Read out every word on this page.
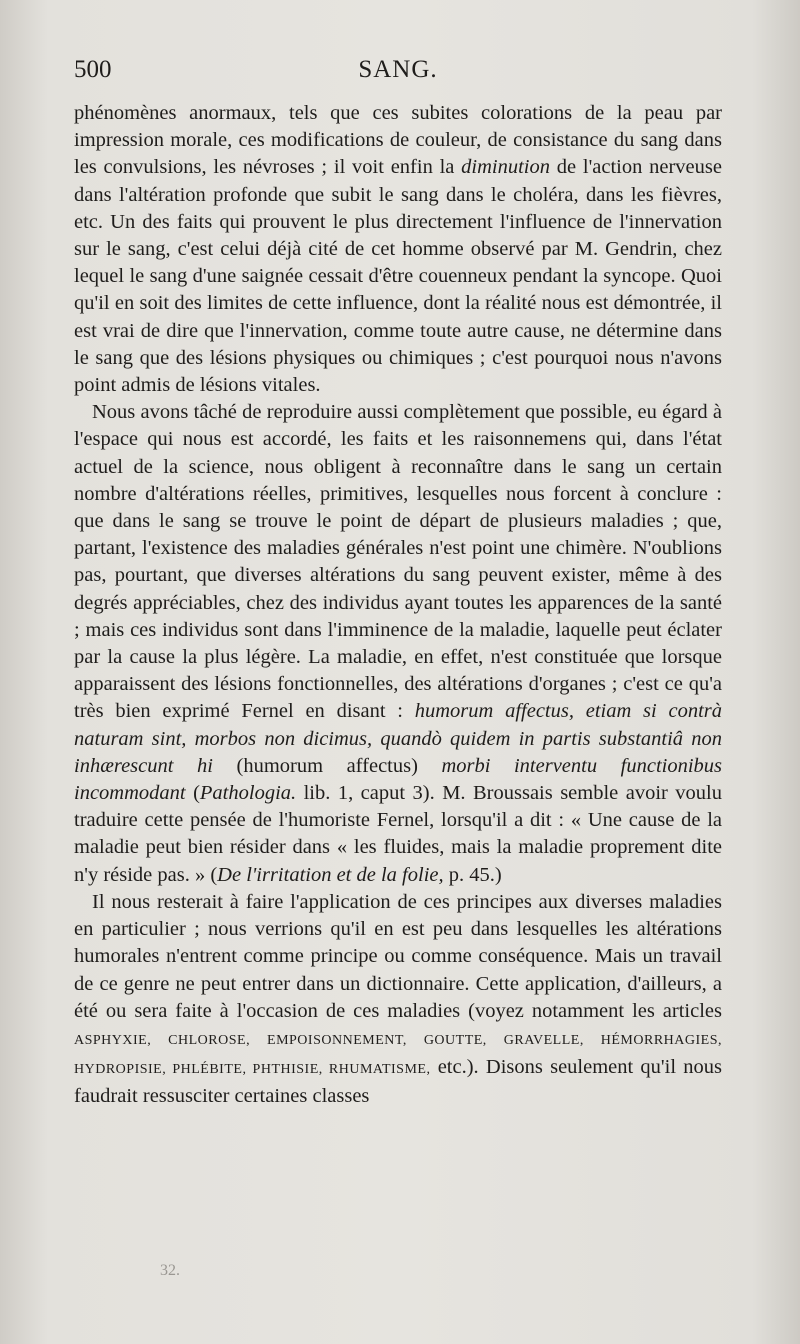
500	SANG.

phénomènes anormaux, tels que ces subites colorations de la peau par impression morale, ces modifications de couleur, de consistance du sang dans les convulsions, les névroses ; il voit enfin la diminution de l'action nerveuse dans l'altération profonde que subit le sang dans le choléra, dans les fièvres, etc. Un des faits qui prouvent le plus directement l'influence de l'innervation sur le sang, c'est celui déjà cité de cet homme observé par M. Gendrin, chez lequel le sang d'une saignée cessait d'être couenneux pendant la syncope. Quoi qu'il en soit des limites de cette influence, dont la réalité nous est démontrée, il est vrai de dire que l'innervation, comme toute autre cause, ne détermine dans le sang que des lésions physiques ou chimiques ; c'est pourquoi nous n'avons point admis de lésions vitales.

Nous avons tâché de reproduire aussi complètement que possible, eu égard à l'espace qui nous est accordé, les faits et les raisonnemens qui, dans l'état actuel de la science, nous obligent à reconnaître dans le sang un certain nombre d'altérations réelles, primitives, lesquelles nous forcent à conclure : que dans le sang se trouve le point de départ de plusieurs maladies ; que, partant, l'existence des maladies générales n'est point une chimère. N'oublions pas, pourtant, que diverses altérations du sang peuvent exister, même à des degrés appréciables, chez des individus ayant toutes les apparences de la santé ; mais ces individus sont dans l'imminence de la maladie, laquelle peut éclater par la cause la plus légère. La maladie, en effet, n'est constituée que lorsque apparaissent des lésions fonctionnelles, des altérations d'organes ; c'est ce qu'a très bien exprimé Fernel en disant : humorum affectus, etiam si contrà naturam sint, morbos non dicimus, quandò quidem in partis substantiâ non inhærescunt hi (humorum affectus) morbi interventu functionibus incommodant (Pathologia. lib. 1, caput 3). M. Broussais semble avoir voulu traduire cette pensée de l'humoriste Fernel, lorsqu'il a dit : « Une cause de la maladie peut bien résider dans « les fluides, mais la maladie proprement dite n'y réside pas. » (De l'irritation et de la folie, p. 45.)

Il nous resterait à faire l'application de ces principes aux diverses maladies en particulier ; nous verrions qu'il en est peu dans lesquelles les altérations humorales n'entrent comme principe ou comme conséquence. Mais un travail de ce genre ne peut entrer dans un dictionnaire. Cette application, d'ailleurs, a été ou sera faite à l'occasion de ces maladies (voyez notamment les articles ASPHYXIE, CHLOROSE, EMPOISONNEMENT, GOUTTE, GRAVELLE, HÉMORRHAGIES, HYDROPISIE, PHLÉBITE, PHTHISIE, RHUMATISME, etc.). Disons seulement qu'il nous faudrait ressusciter certaines classes

32.
